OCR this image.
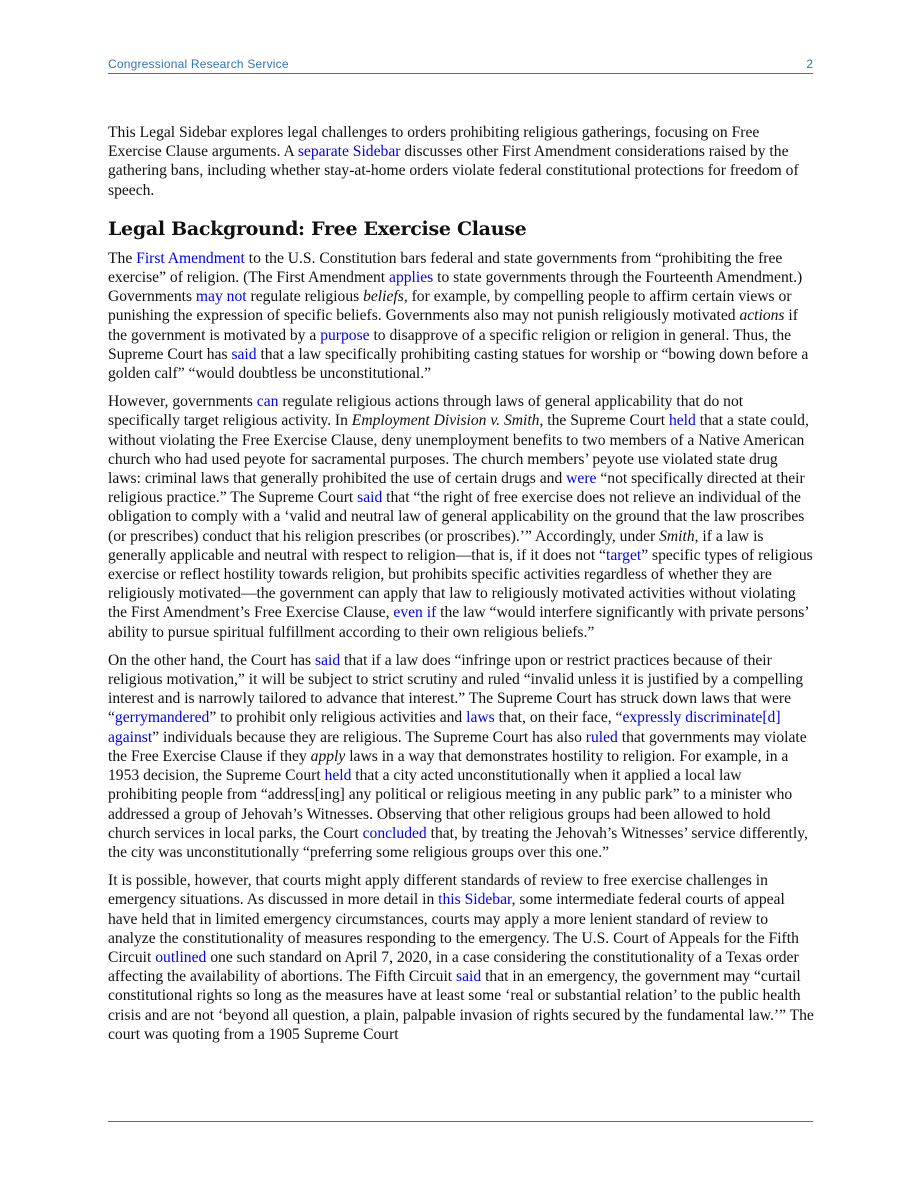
Congressional Research Service	2

This Legal Sidebar explores legal challenges to orders prohibiting religious gatherings, focusing on Free Exercise Clause arguments. A separate Sidebar discusses other First Amendment considerations raised by the gathering bans, including whether stay-at-home orders violate federal constitutional protections for freedom of speech.

Legal Background: Free Exercise Clause

The First Amendment to the U.S. Constitution bars federal and state governments from “prohibiting the free exercise” of religion. (The First Amendment applies to state governments through the Fourteenth Amendment.) Governments may not regulate religious beliefs, for example, by compelling people to affirm certain views or punishing the expression of specific beliefs. Governments also may not punish religiously motivated actions if the government is motivated by a purpose to disapprove of a specific religion or religion in general. Thus, the Supreme Court has said that a law specifically prohibiting casting statues for worship or “bowing down before a golden calf” “would doubtless be unconstitutional.”

However, governments can regulate religious actions through laws of general applicability that do not specifically target religious activity. In Employment Division v. Smith, the Supreme Court held that a state could, without violating the Free Exercise Clause, deny unemployment benefits to two members of a Native American church who had used peyote for sacramental purposes. The church members’ peyote use violated state drug laws: criminal laws that generally prohibited the use of certain drugs and were “not specifically directed at their religious practice.” The Supreme Court said that “the right of free exercise does not relieve an individual of the obligation to comply with a ‘valid and neutral law of general applicability on the ground that the law proscribes (or prescribes) conduct that his religion prescribes (or proscribes).’” Accordingly, under Smith, if a law is generally applicable and neutral with respect to religion—that is, if it does not “target” specific types of religious exercise or reflect hostility towards religion, but prohibits specific activities regardless of whether they are religiously motivated—the government can apply that law to religiously motivated activities without violating the First Amendment’s Free Exercise Clause, even if the law “would interfere significantly with private persons’ ability to pursue spiritual fulfillment according to their own religious beliefs.”

On the other hand, the Court has said that if a law does “infringe upon or restrict practices because of their religious motivation,” it will be subject to strict scrutiny and ruled “invalid unless it is justified by a compelling interest and is narrowly tailored to advance that interest.” The Supreme Court has struck down laws that were “gerrymandered” to prohibit only religious activities and laws that, on their face, “expressly discriminate[d] against” individuals because they are religious. The Supreme Court has also ruled that governments may violate the Free Exercise Clause if they apply laws in a way that demonstrates hostility to religion. For example, in a 1953 decision, the Supreme Court held that a city acted unconstitutionally when it applied a local law prohibiting people from “address[ing] any political or religious meeting in any public park” to a minister who addressed a group of Jehovah’s Witnesses. Observing that other religious groups had been allowed to hold church services in local parks, the Court concluded that, by treating the Jehovah’s Witnesses’ service differently, the city was unconstitutionally “preferring some religious groups over this one.”

It is possible, however, that courts might apply different standards of review to free exercise challenges in emergency situations. As discussed in more detail in this Sidebar, some intermediate federal courts of appeal have held that in limited emergency circumstances, courts may apply a more lenient standard of review to analyze the constitutionality of measures responding to the emergency. The U.S. Court of Appeals for the Fifth Circuit outlined one such standard on April 7, 2020, in a case considering the constitutionality of a Texas order affecting the availability of abortions. The Fifth Circuit said that in an emergency, the government may “curtail constitutional rights so long as the measures have at least some ‘real or substantial relation’ to the public health crisis and are not ‘beyond all question, a plain, palpable invasion of rights secured by the fundamental law.’” The court was quoting from a 1905 Supreme Court
